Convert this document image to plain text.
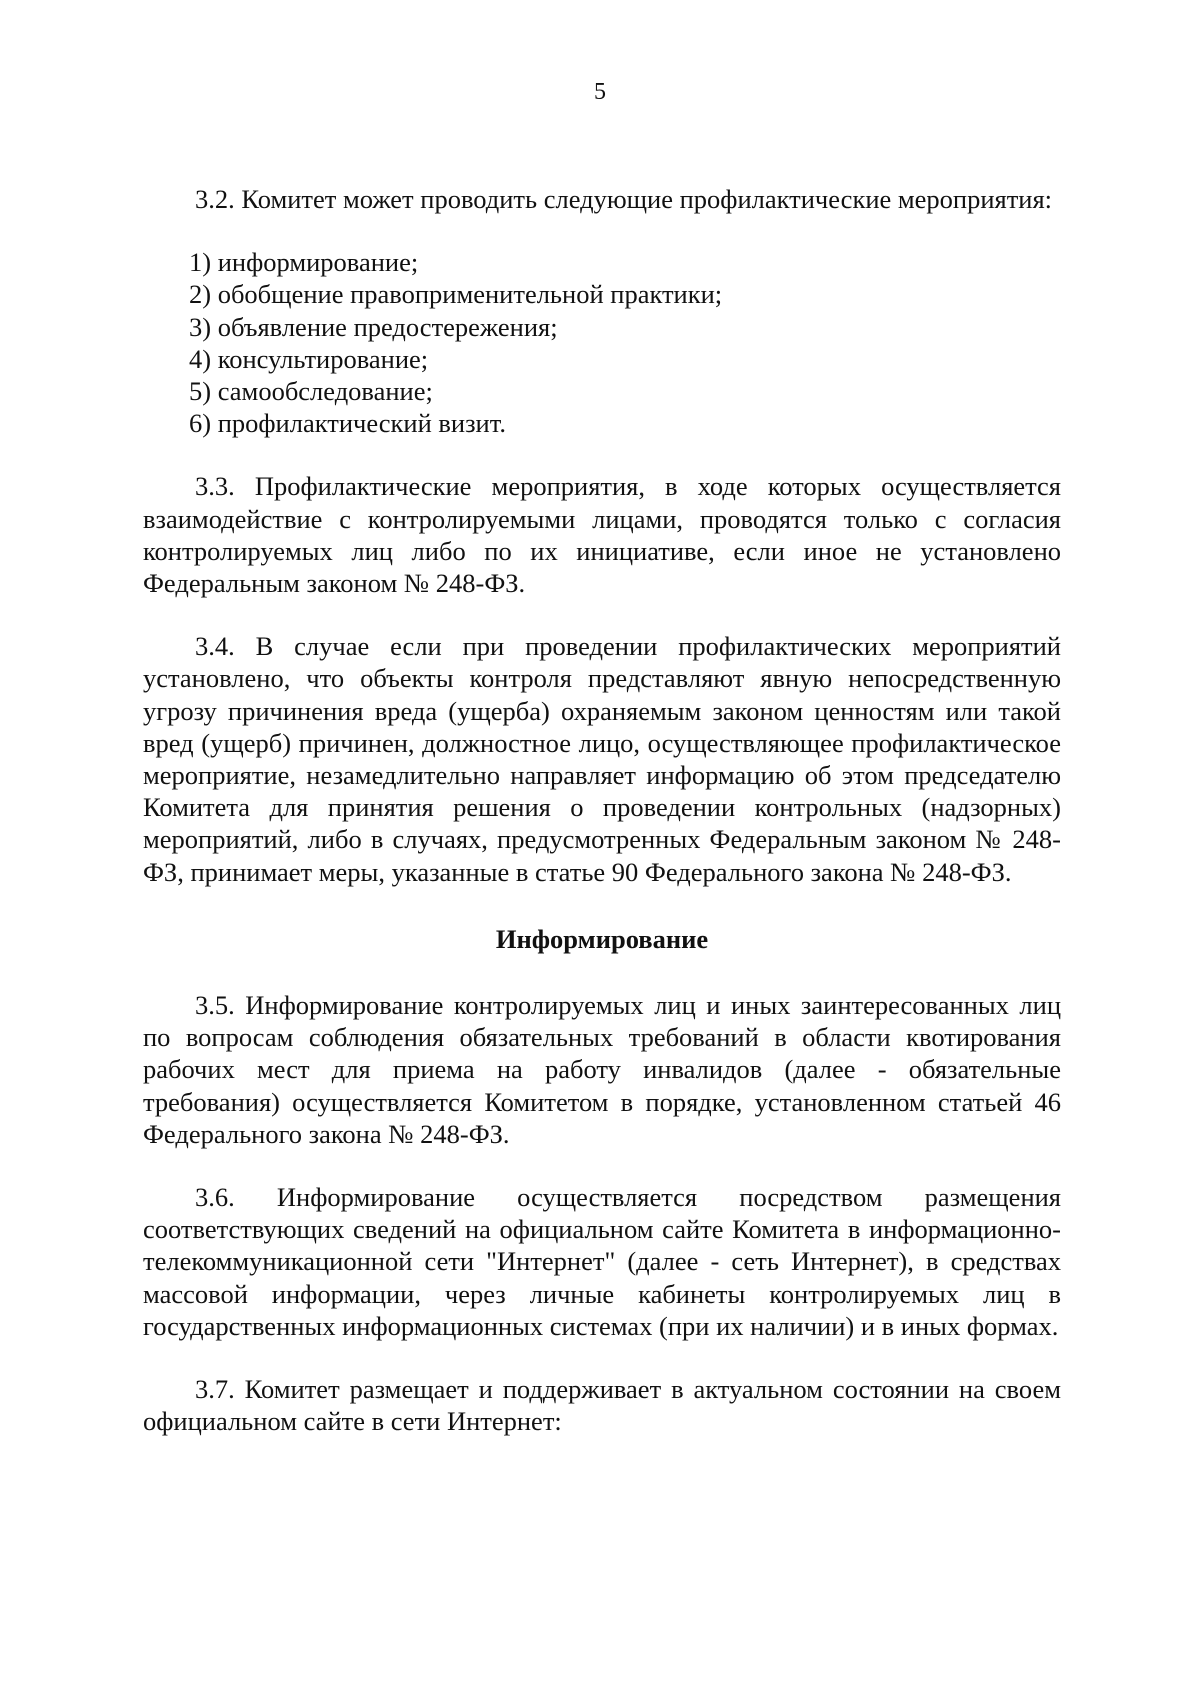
5

3.2. Комитет может проводить следующие профилактические мероприятия:

1) информирование;
2) обобщение правоприменительной практики;
3) объявление предостережения;
4) консультирование;
5) самообследование;
6) профилактический визит.

3.3. Профилактические мероприятия, в ходе которых осуществляется взаимодействие с контролируемыми лицами, проводятся только с согласия контролируемых лиц либо по их инициативе, если иное не установлено Федеральным законом № 248-ФЗ.

3.4. В случае если при проведении профилактических мероприятий установлено, что объекты контроля представляют явную непосредственную угрозу причинения вреда (ущерба) охраняемым законом ценностям или такой вред (ущерб) причинен, должностное лицо, осуществляющее профилактическое мероприятие, незамедлительно направляет информацию об этом председателю Комитета для принятия решения о проведении контрольных (надзорных) мероприятий, либо в случаях, предусмотренных Федеральным законом № 248-ФЗ, принимает меры, указанные в статье 90 Федерального закона № 248-ФЗ.

Информирование

3.5. Информирование контролируемых лиц и иных заинтересованных лиц по вопросам соблюдения обязательных требований в области квотирования рабочих мест для приема на работу инвалидов (далее - обязательные требования) осуществляется Комитетом в порядке, установленном статьей 46 Федерального закона № 248-ФЗ.

3.6. Информирование осуществляется посредством размещения соответствующих сведений на официальном сайте Комитета в информационно-телекоммуникационной сети "Интернет" (далее - сеть Интернет), в средствах массовой информации, через личные кабинеты контролируемых лиц в государственных информационных системах (при их наличии) и в иных формах.

3.7. Комитет размещает и поддерживает в актуальном состоянии на своем официальном сайте в сети Интернет:
